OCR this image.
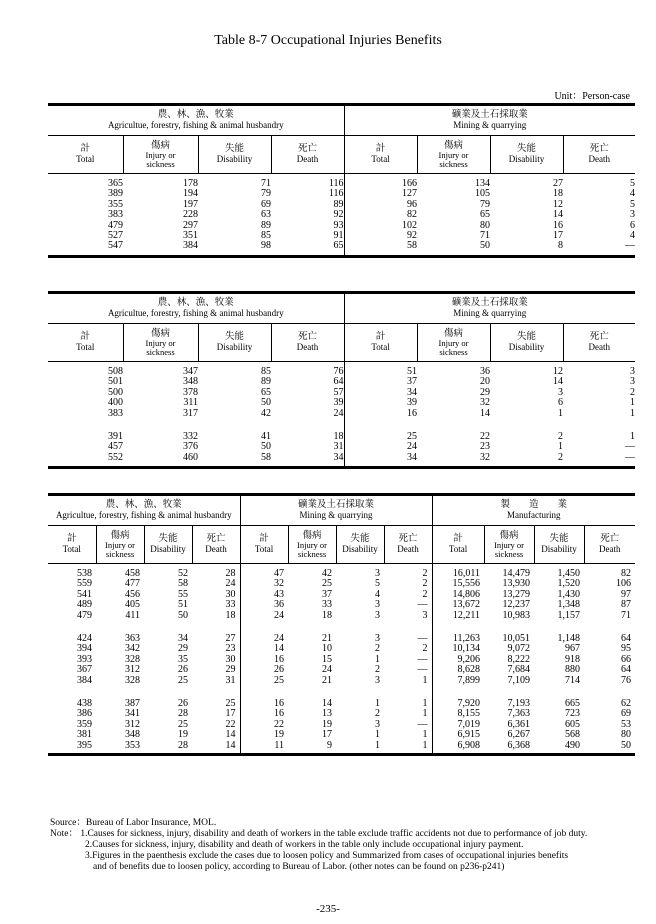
Table 8-7 Occupational Injuries Benefits
Unit：Person-case
農、林、漁、牧業
Agricultue, forestry, fishing & animal husbandry				礦業及土石採取業
Mining & quarrying			
計
Total	傷病

Injury or
sickness	失能
Disability	死亡
Death	計
Total	傷病

Injury or
sickness	失能
Disability	死亡
Death

365	178	71	116	166	134	27	5
389	194	79	116	127	105	18	4
355	197	69	89	96	79	12	5
383	228	63	92	82	65	14	3
479	297	89	93	102	80	16	6
527	351	85	91	92	71	17	4
547	384	98	65	58	50	8	—

農、林、漁、牧業
Agricultue, forestry, fishing & animal husbandry				礦業及土石採取業
Mining & quarrying			
計
Total	傷病

Injury or
sickness	失能
Disability	死亡
Death	計
Total	傷病

Injury or
sickness	失能
Disability	死亡
Death

508	347	85	76	51	36	12	3
501	348	89	64	37	20	14	3
500	378	65	57	34	29	3	2
400	311	50	39	39	32	6	1
383	317	42	24	16	14	1	1

391	332	41	18	25	22	2	1
457	376	50	31	24	23	1	—
552	460	58	34	34	32	2	—

農、林、漁、牧業
Agricultue, forestry, fishing & animal husbandry				礦業及土石採取業
Mining & quarrying				製　　造　　業
Manufacturing			
計
Total	傷病

Injury or
sickness	失能
Disability	死亡
Death	計
Total	傷病

Injury or
sickness	失能
Disability	死亡
Death	計
Total	傷病

Injury or
sickness	失能
Disability	死亡
Death

538	458	52	28	47	42	3	2	16,011	14,479	1,450	82
559	477	58	24	32	25	5	2	15,556	13,930	1,520	106
541	456	55	30	43	37	4	2	14,806	13,279	1,430	97
489	405	51	33	36	33	3	—	13,672	12,237	1,348	87
479	411	50	18	24	18	3	3	12,211	10,983	1,157	71

424	363	34	27	24	21	3	—	11,263	10,051	1,148	64
394	342	29	23	14	10	2	2	10,134	9,072	967	95
393	328	35	30	16	15	1	—	9,206	8,222	918	66
367	312	26	29	26	24	2	—	8,628	7,684	880	64
384	328	25	31	25	21	3	1	7,899	7,109	714	76

438	387	26	25	16	14	1	1	7,920	7,193	665	62
386	341	28	17	16	13	2	1	8,155	7,363	723	69
359	312	25	22	22	19	3	—	7,019	6,361	605	53
381	348	19	14	19	17	1	1	6,915	6,267	568	80
395	353	28	14	11	9	1	1	6,908	6,368	490	50

Source：Bureau of Labor Insurance, MOL.
Note： 1.Causes for sickness, injury, disability and death of workers in the table exclude traffic accidents not due to performance of job duty.
2.Causes for sickness, injury, disability and death of workers in the table only include occupational injury payment.
3.Figures in the paenthesis exclude the cases due to loosen policy and Summarized from cases of occupational injuries benefits
and of benefits due to loosen policy, according to Bureau of Labor. (other notes can be found on p236-p241)
-235-
